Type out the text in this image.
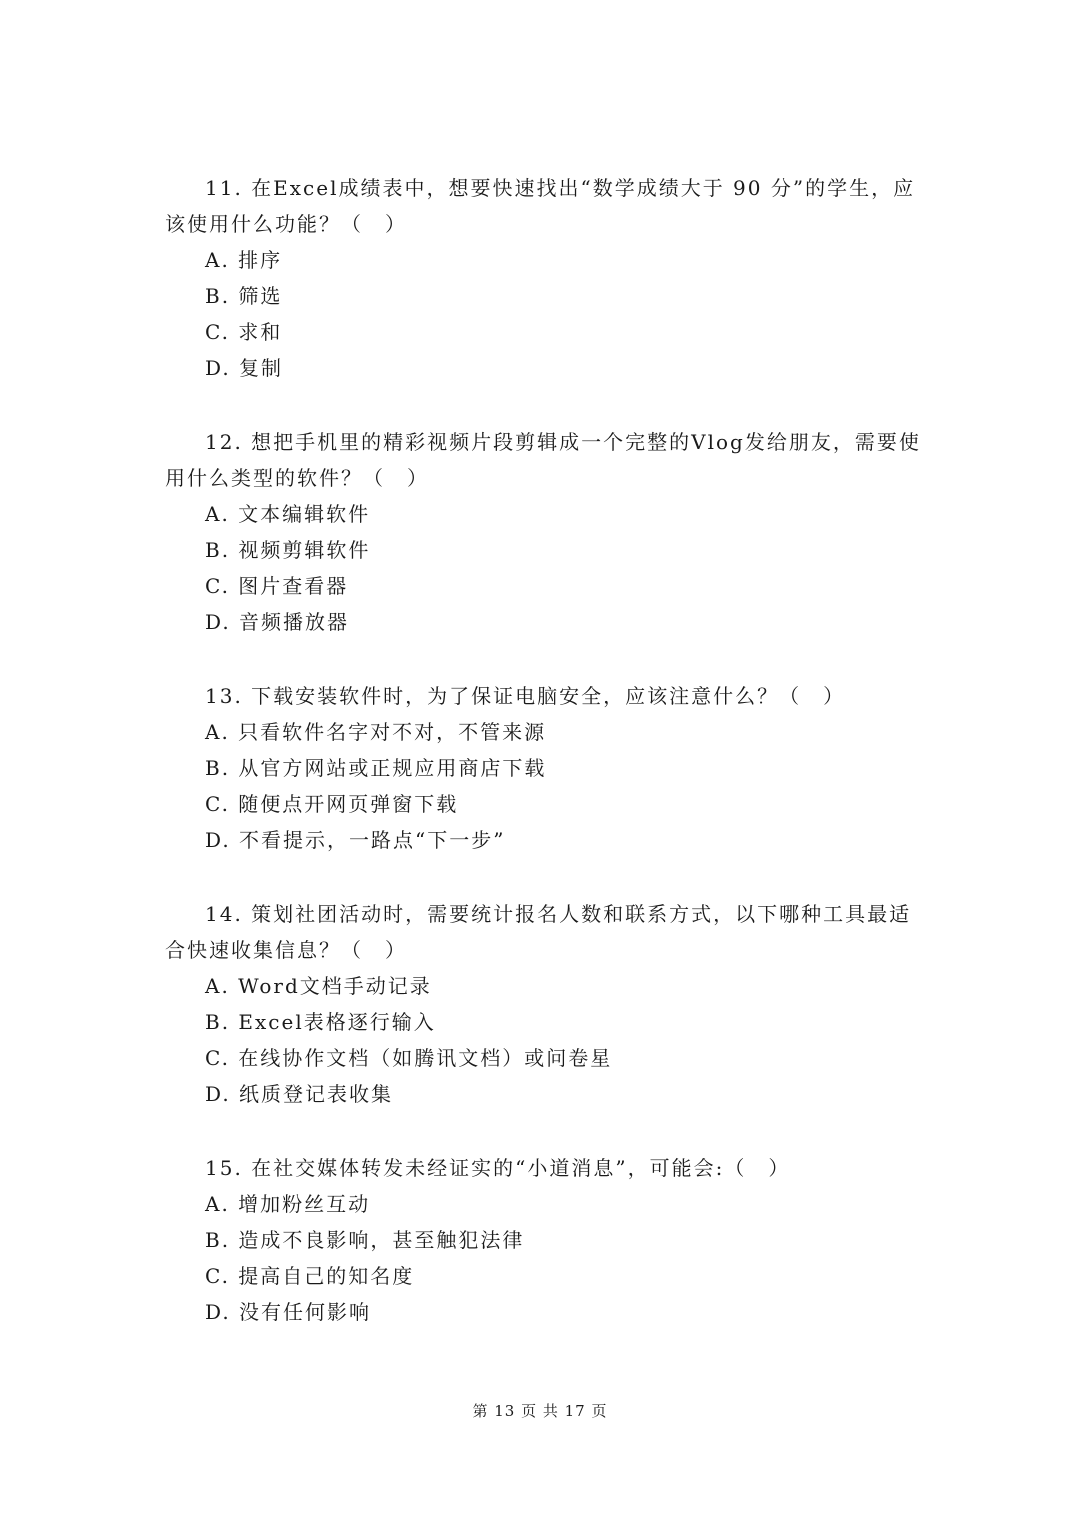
11. 在Excel成绩表中，想要快速找出“数学成绩大于 90 分”的学生，应该使用什么功能？（　）

A. 排序

B. 筛选

C. 求和

D. 复制

12. 想把手机里的精彩视频片段剪辑成一个完整的Vlog发给朋友，需要使用什么类型的软件？（　）

A. 文本编辑软件

B. 视频剪辑软件

C. 图片查看器

D. 音频播放器

13. 下载安装软件时，为了保证电脑安全，应该注意什么？（　）

A. 只看软件名字对不对，不管来源

B. 从官方网站或正规应用商店下载

C. 随便点开网页弹窗下载

D. 不看提示，一路点“下一步”

14. 策划社团活动时，需要统计报名人数和联系方式，以下哪种工具最适合快速收集信息？（　）

A. Word文档手动记录

B. Excel表格逐行输入

C. 在线协作文档（如腾讯文档）或问卷星

D. 纸质登记表收集

15. 在社交媒体转发未经证实的“小道消息”，可能会:（　）

A. 增加粉丝互动

B. 造成不良影响，甚至触犯法律

C. 提高自己的知名度

D. 没有任何影响

第 13 页 共 17 页
